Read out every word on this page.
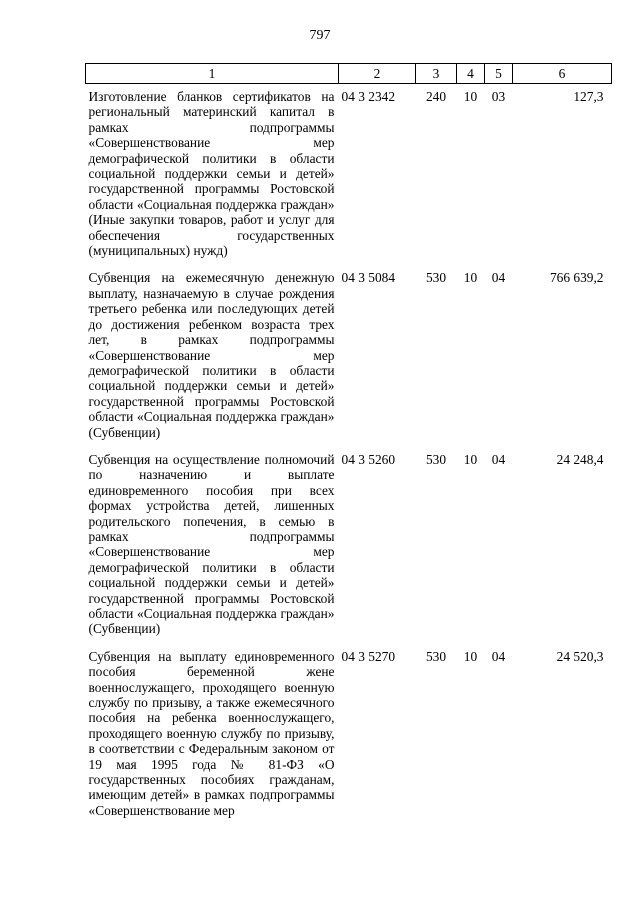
797
1	2	3	4	5	6
Изготовление бланков сертификатов на региональный материнский капитал в рамках подпрограммы «Совершенствование мер демографической политики в области социальной поддержки семьи и детей» государственной программы Ростовской области «Социальная поддержка граждан» (Иные закупки товаров, работ и услуг для обеспечения государственных (муниципальных) нужд)	04 3 2342	240	10	03	127,3
Субвенция на ежемесячную денежную выплату, назначаемую в случае рождения третьего ребенка или последующих детей до достижения ребенком возраста трех лет, в рамках подпрограммы «Совершенствование мер демографической политики в области социальной поддержки семьи и детей» государственной программы Ростовской области «Социальная поддержка граждан» (Субвенции)	04 3 5084	530	10	04	766 639,2
Субвенция на осуществление полномочий по назначению и выплате единовременного пособия при всех формах устройства детей, лишенных родительского попечения, в семью в рамках подпрограммы «Совершенствование мер демографической политики в области социальной поддержки семьи и детей» государственной программы Ростовской области «Социальная поддержка граждан» (Субвенции)	04 3 5260	530	10	04	24 248,4
Субвенция на выплату единовременного пособия беременной жене военнослужащего, проходящего военную службу по призыву, а также ежемесячного пособия на ребенка военнослужащего, проходящего военную службу по призыву, в соответствии с Федеральным законом от 19 мая 1995 года № 81-ФЗ «О государственных пособиях гражданам, имеющим детей» в рамках подпрограммы «Совершенствование мер	04 3 5270	530	10	04	24 520,3
